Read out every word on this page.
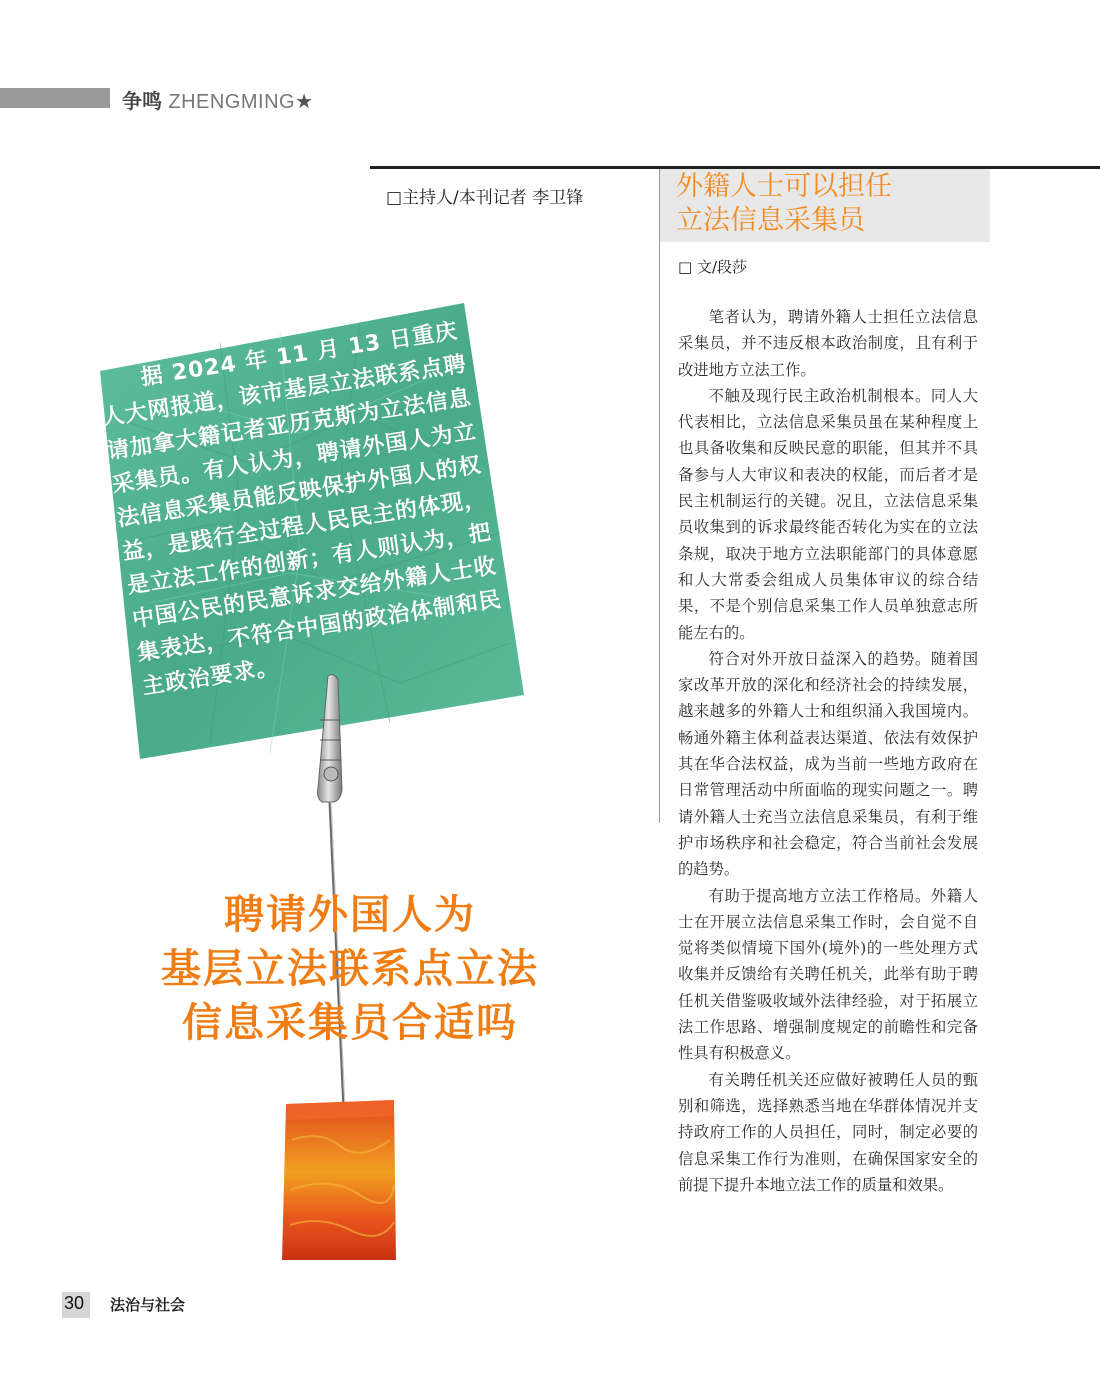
争鸣 ZHENGMING★
□主持人/本刊记者 李卫锋	外籍人士可以担任
立法信息采集员
□ 文/段莎

笔者认为，聘请外籍人士担任立法信息采集员，并不违反根本政治制度，且有利于改进地方立法工作。

不触及现行民主政治机制根本。同人大代表相比，立法信息采集员虽在某种程度上也具备收集和反映民意的职能，但其并不具备参与人大审议和表决的权能，而后者才是民主机制运行的关键。况且，立法信息采集员收集到的诉求最终能否转化为实在的立法条规，取决于地方立法职能部门的具体意愿和人大常委会组成人员集体审议的综合结果，不是个别信息采集工作人员单独意志所能左右的。

符合对外开放日益深入的趋势。随着国家改革开放的深化和经济社会的持续发展，越来越多的外籍人士和组织涌入我国境内。畅通外籍主体利益表达渠道、依法有效保护其在华合法权益，成为当前一些地方政府在日常管理活动中所面临的现实问题之一。聘请外籍人士充当立法信息采集员，有利于维护市场秩序和社会稳定，符合当前社会发展的趋势。

有助于提高地方立法工作格局。外籍人士在开展立法信息采集工作时，会自觉不自觉将类似情境下国外(境外)的一些处理方式收集并反馈给有关聘任机关，此举有助于聘任机关借鉴吸收域外法律经验，对于拓展立法工作思路、增强制度规定的前瞻性和完备性具有积极意义。

有关聘任机关还应做好被聘任人员的甄别和筛选，选择熟悉当地在华群体情况并支持政府工作的人员担任，同时，制定必要的信息采集工作行为准则，在确保国家安全的前提下提升本地立法工作的质量和效果。

据 2024 年 11 月 13 日重庆人大网报道，该市基层立法联系点聘请加拿大籍记者亚历克斯为立法信息采集员。有人认为，聘请外国人为立法信息采集员能反映保护外国人的权益，是践行全过程人民民主的体现，是立法工作的创新；有人则认为，把中国公民的民意诉求交给外籍人士收集表达，不符合中国的政治体制和民主政治要求。

聘请外国人为
基层立法联系点立法
信息采集员合适吗
30 法治与社会
